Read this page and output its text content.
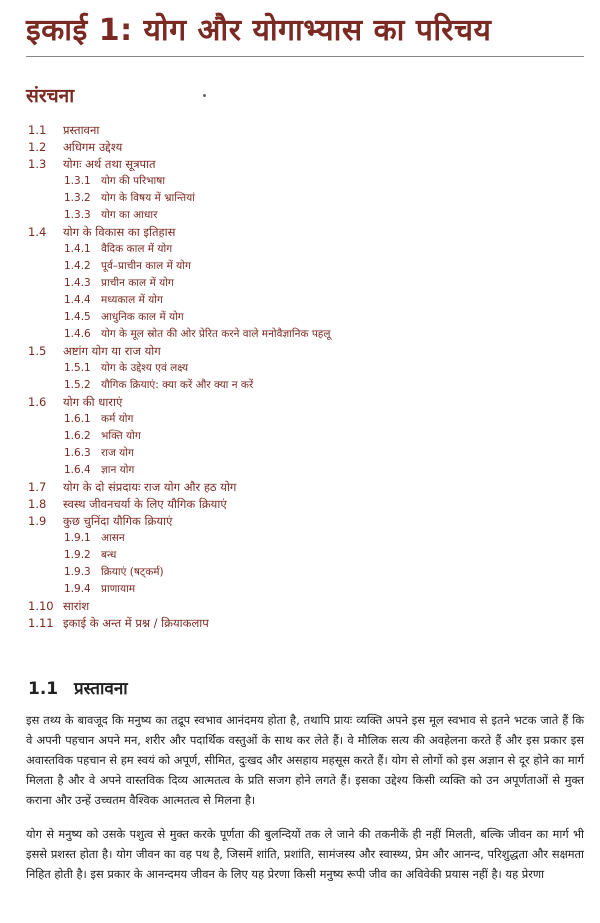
इकाई 1: योग और योगाभ्यास का परिचय
संरचना
1.1 प्रस्तावना
1.2 अधिगम उद्देश्य
1.3 योगः अर्थ तथा सूत्रपात
1.3.1 योग की परिभाषा
1.3.2 योग के विषय में भ्रान्तियां
1.3.3 योग का आधार
1.4 योग के विकास का इतिहास
1.4.1 वैदिक काल में योग
1.4.2 पूर्व–प्राचीन काल में योग
1.4.3 प्राचीन काल में योग
1.4.4 मध्यकाल में योग
1.4.5 आधुनिक काल में योग
1.4.6 योग के मूल स्रोत की ओर प्रेरित करने वाले मनोवैज्ञानिक पहलू
1.5 अष्टांग योग या राज योग
1.5.1 योग के उद्देश्य एवं लक्ष्य
1.5.2 यौगिक क्रियाएं: क्या करें और क्या न करें
1.6 योग की धाराएं
1.6.1 कर्म योग
1.6.2 भक्ति योग
1.6.3 राज योग
1.6.4 ज्ञान योग
1.7 योग के दो संप्रदायः राज योग और हठ योग
1.8 स्वस्थ जीवनचर्या के लिए यौगिक क्रियाएं
1.9 कुछ चुनिंदा यौगिक क्रियाएं
1.9.1 आसन
1.9.2 बन्ध
1.9.3 क्रियाएं (षट्कर्म)
1.9.4 प्राणायाम
1.10 सारांश
1.11 इकाई के अन्त में प्रश्न / क्रियाकलाप
1.1 प्रस्तावना

इस तथ्य के बावजूद कि मनुष्य का तद्रूप स्वभाव आनंदमय होता है, तथापि प्रायः व्यक्ति अपने इस मूल स्वभाव से इतने भटक जाते हैं कि वे अपनी पहचान अपने मन, शरीर और पदार्थिक वस्तुओं के साथ कर लेते हैं। वे मौलिक सत्य की अवहेलना करते हैं और इस प्रकार इस अवास्तविक पहचान से हम स्वयं को अपूर्ण, सीमित, दुःखद और असहाय महसूस करते हैं। योग से लोगों को इस अज्ञान से दूर होने का मार्ग मिलता है और वे अपने वास्तविक दिव्य आत्मतत्व के प्रति सजग होने लगते हैं। इसका उद्देश्य किसी व्यक्ति को उन अपूर्णताओं से मुक्त कराना और उन्हें उच्चतम वैश्विक आत्मतत्व से मिलना है।

योग से मनुष्य को उसके पशुत्व से मुक्त करके पूर्णता की बुलन्दियों तक ले जाने की तकनीकें ही नहीं मिलती, बल्कि जीवन का मार्ग भी इससे प्रशस्त होता है। योग जीवन का वह पथ है, जिसमें शांति, प्रशांति, सामंजस्य और स्वास्थ्य, प्रेम और आनन्द, परिशुद्धता और सक्षमता निहित होती है। इस प्रकार के आनन्दमय जीवन के लिए यह प्रेरणा किसी मनुष्य रूपी जीव का अविवेकी प्रयास नहीं है। यह प्रेरणा
